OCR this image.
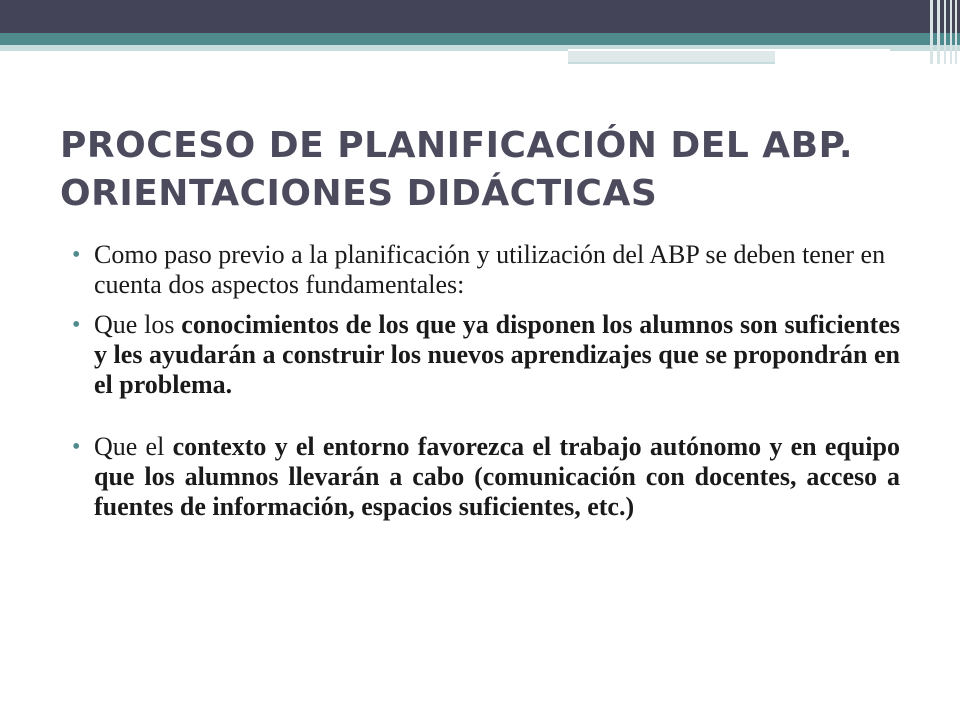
PROCESO DE PLANIFICACIÓN DEL ABP.
ORIENTACIONES DIDÁCTICAS
• Como paso previo a la planificación y utilización del ABP se deben tener en cuenta dos aspectos fundamentales:
• Que los conocimientos de los que ya disponen los alumnos son suficientes y les ayudarán a construir los nuevos aprendizajes que se propondrán en el problema.
• Que el contexto y el entorno favorezca el trabajo autónomo y en equipo que los alumnos llevarán a cabo (comunicación con docentes, acceso a fuentes de información, espacios suficientes, etc.)
